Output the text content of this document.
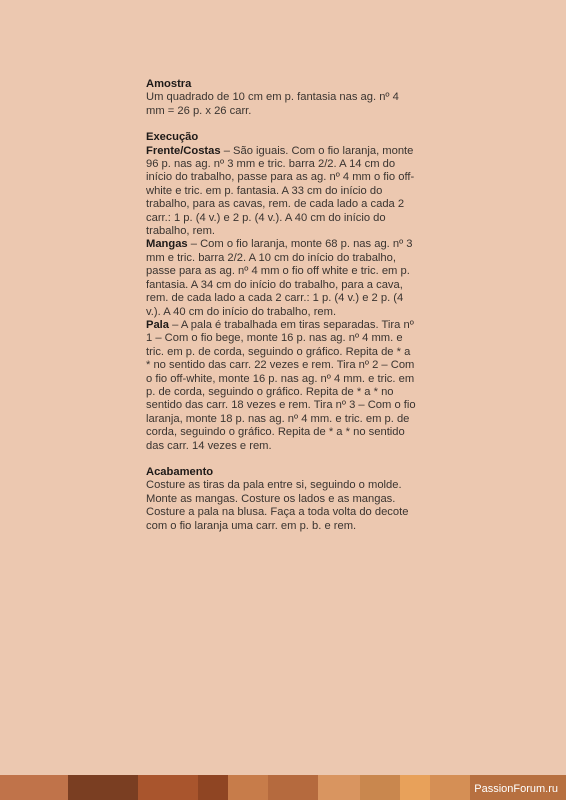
Amostra

Um quadrado de 10 cm em p. fantasia nas ag. nº 4 mm = 26 p. x 26 carr.

Execução

Frente/Costas – São iguais. Com o fio laranja, monte 96 p. nas ag. nº 3 mm e tric. barra 2/2. A 14 cm do início do trabalho, passe para as ag. nº 4 mm o fio off-white e tric. em p. fantasia. A 33 cm do início do trabalho, para as cavas, rem. de cada lado a cada 2 carr.: 1 p. (4 v.) e 2 p. (4 v.). A 40 cm do início do trabalho, rem.

Mangas – Com o fio laranja, monte 68 p. nas ag. nº 3 mm e tric. barra 2/2. A 10 cm do início do trabalho, passe para as ag. nº 4 mm o fio off white e tric. em p. fantasia. A 34 cm do início do trabalho, para a cava, rem. de cada lado a cada 2 carr.: 1 p. (4 v.) e 2 p. (4 v.). A 40 cm do início do trabalho, rem.

Pala – A pala é trabalhada em tiras separadas. Tira nº 1 – Com o fio bege, monte 16 p. nas ag. nº 4 mm. e tric. em p. de corda, seguindo o gráfico. Repita de * a * no sentido das carr. 22 vezes e rem. Tira nº 2 – Com o fio off-white, monte 16 p. nas ag. nº 4 mm. e tric. em p. de corda, seguindo o gráfico. Repita de * a * no sentido das carr. 18 vezes e rem. Tira nº 3 – Com o fio laranja, monte 18 p. nas ag. nº 4 mm. e tric. em p. de corda, seguindo o gráfico. Repita de * a * no sentido das carr. 14 vezes e rem.

Acabamento

Costure as tiras da pala entre si, seguindo o molde. Monte as mangas. Costure os lados e as mangas. Costure a pala na blusa. Faça a toda volta do decote com o fio laranja uma carr. em p. b. e rem.

PassionForum.ru
